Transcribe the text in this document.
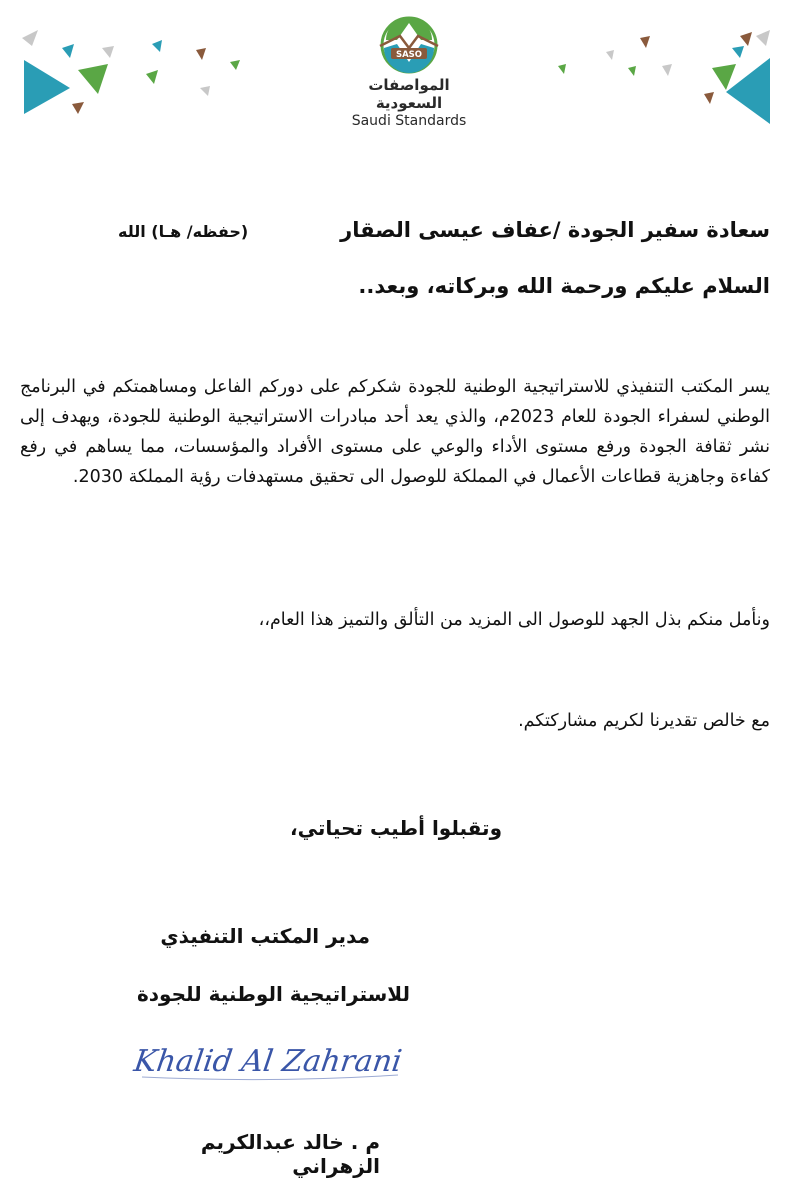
SASO
المواصفات السعودية
Saudi Standards
سعادة سفير الجودة /عفاف عيسى الصقار
(حفظه/ هـا) الله
السلام عليكم ورحمة الله وبركاته، وبعد..
يسر المكتب التنفيذي للاستراتيجية الوطنية للجودة شكركم على دوركم الفاعل ومساهمتكم في البرنامج الوطني لسفراء الجودة للعام 2023م، والذي يعد أحد مبادرات الاستراتيجية الوطنية للجودة، ويهدف إلى نشر ثقافة الجودة ورفع مستوى الأداء والوعي على مستوى الأفراد والمؤسسات، مما يساهم في رفع كفاءة وجاهزية قطاعات الأعمال في المملكة للوصول الى تحقيق مستهدفات رؤية المملكة 2030.
ونأمل منكم بذل الجهد للوصول الى المزيد من التألق والتميز هذا العام،،
مع خالص تقديرنا لكريم مشاركتكم.
وتقبلوا أطيب تحياتي،
مدير المكتب التنفيذي
للاستراتيجية الوطنية للجودة
Khalid Al Zahrani
م . خالد عبدالكريم الزهراني
